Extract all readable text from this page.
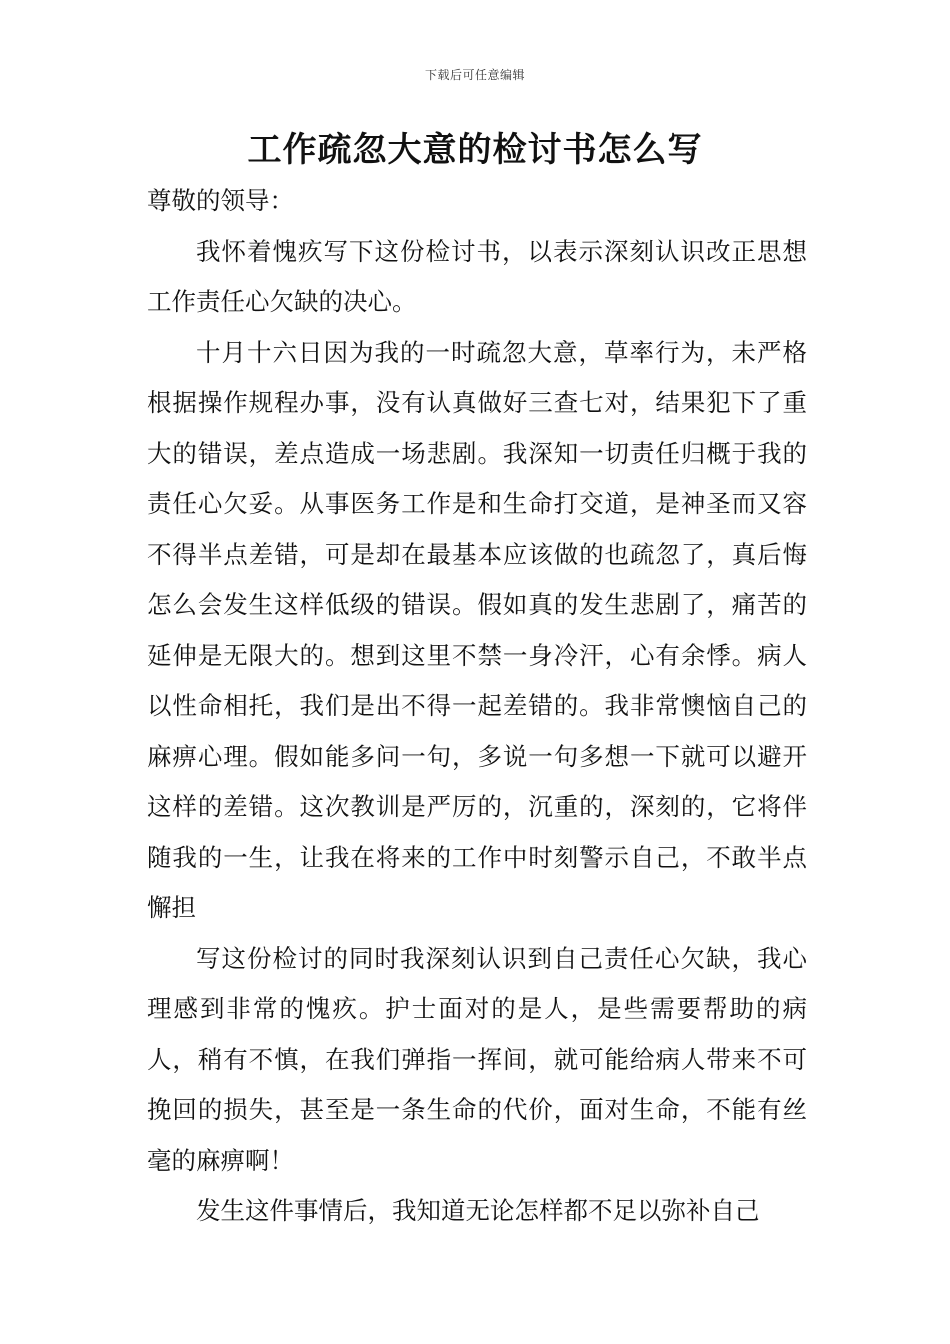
下载后可任意编辑
工作疏忽大意的检讨书怎么写

尊敬的领导：

我怀着愧疚写下这份检讨书，以表示深刻认识改正思想工作责任心欠缺的决心。

十月十六日因为我的一时疏忽大意，草率行为，未严格根据操作规程办事，没有认真做好三查七对，结果犯下了重大的错误，差点造成一场悲剧。我深知一切责任归概于我的责任心欠妥。从事医务工作是和生命打交道，是神圣而又容不得半点差错，可是却在最基本应该做的也疏忽了，真后悔怎么会发生这样低级的错误。假如真的发生悲剧了，痛苦的延伸是无限大的。想到这里不禁一身冷汗，心有余悸。病人以性命相托，我们是出不得一起差错的。我非常懊恼自己的麻痹心理。假如能多问一句，多说一句多想一下就可以避开这样的差错。这次教训是严厉的，沉重的，深刻的，它将伴随我的一生，让我在将来的工作中时刻警示自己，不敢半点懈担

写这份检讨的同时我深刻认识到自己责任心欠缺，我心理感到非常的愧疚。护士面对的是人，是些需要帮助的病人，稍有不慎，在我们弹指一挥间，就可能给病人带来不可挽回的损失，甚至是一条生命的代价，面对生命，不能有丝毫的麻痹啊！

发生这件事情后，我知道无论怎样都不足以弥补自己
